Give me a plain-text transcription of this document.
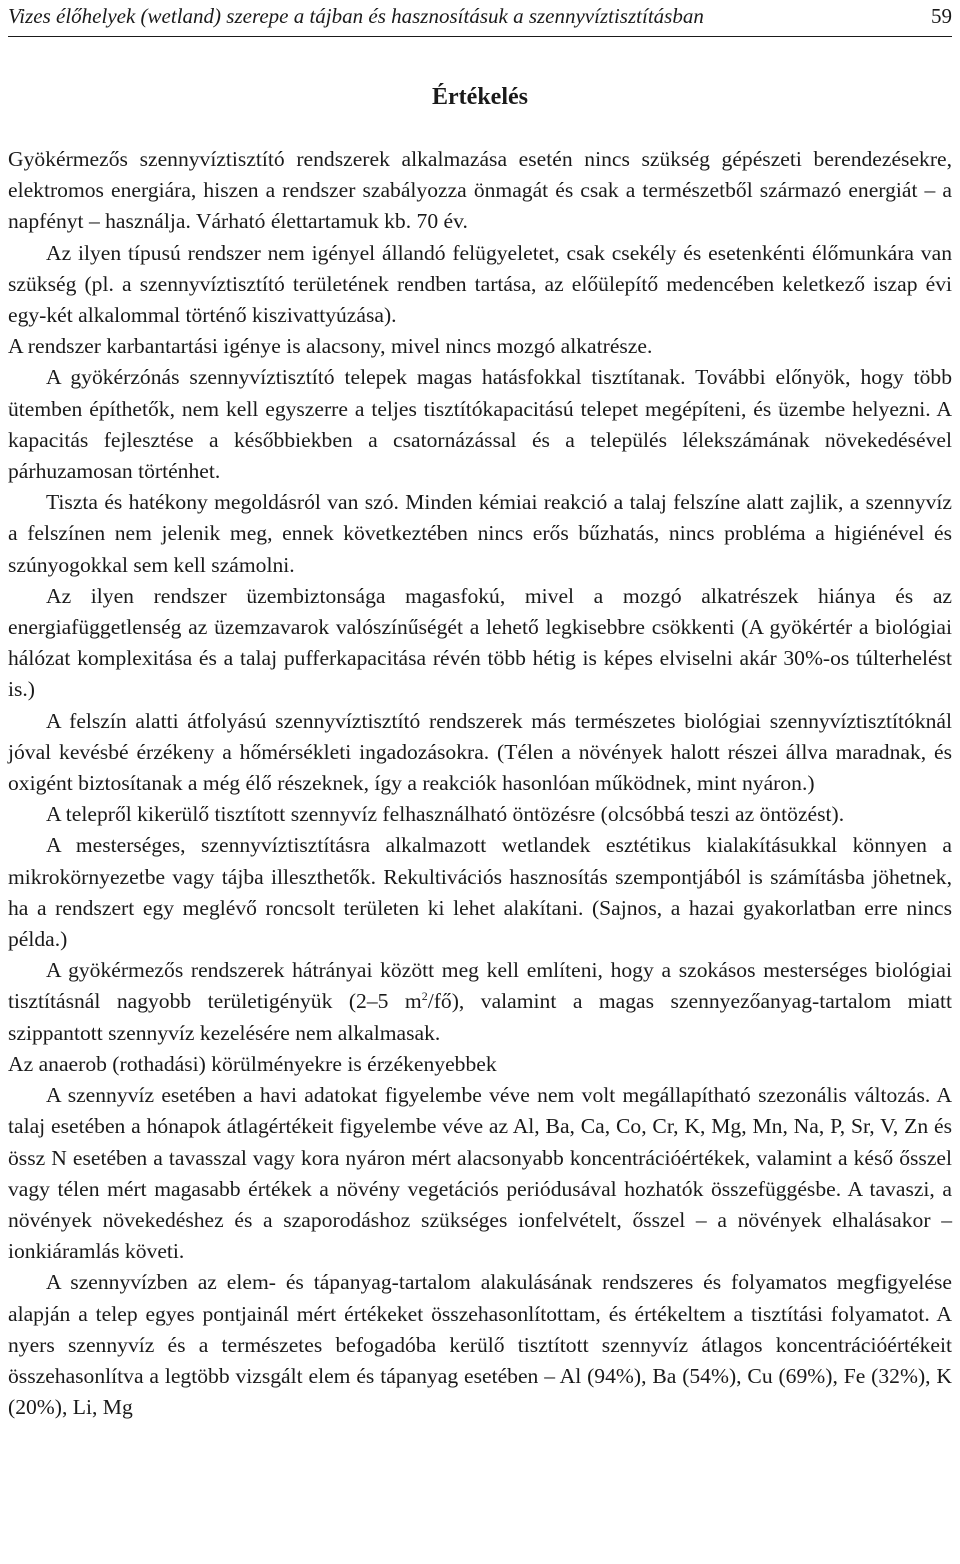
Vizes élőhelyek (wetland) szerepe a tájban és hasznosításuk a szennyvíztisztításban	59
Értékelés

Gyökérmezős szennyvíztisztító rendszerek alkalmazása esetén nincs szükség gépészeti berendezésekre, elektromos energiára, hiszen a rendszer szabályozza önmagát és csak a természetből származó energiát – a napfényt – használja. Várható élettartamuk kb. 70 év.

Az ilyen típusú rendszer nem igényel állandó felügyeletet, csak csekély és esetenkénti élőmunkára van szükség (pl. a szennyvíztisztító területének rendben tartása, az előülepítő medencében keletkező iszap évi egy-két alkalommal történő kiszivattyúzása).

A rendszer karbantartási igénye is alacsony, mivel nincs mozgó alkatrésze.

A gyökérzónás szennyvíztisztító telepek magas hatásfokkal tisztítanak. További előnyök, hogy több ütemben építhetők, nem kell egyszerre a teljes tisztítókapacitású telepet megépíteni, és üzembe helyezni. A kapacitás fejlesztése a későbbiekben a csatornázással és a település lélekszámának növekedésével párhuzamosan történhet.

Tiszta és hatékony megoldásról van szó. Minden kémiai reakció a talaj felszíne alatt zajlik, a szennyvíz a felszínen nem jelenik meg, ennek következtében nincs erős bűzhatás, nincs probléma a higiénével és szúnyogokkal sem kell számolni.

Az ilyen rendszer üzembiztonsága magasfokú, mivel a mozgó alkatrészek hiánya és az energiafüggetlenség az üzemzavarok valószínűségét a lehető legkisebbre csökkenti (A gyökértér a biológiai hálózat komplexitása és a talaj pufferkapacitása révén több hétig is képes elviselni akár 30%-os túlterhelést is.)

A felszín alatti átfolyású szennyvíztisztító rendszerek más természetes biológiai szennyvíztisztítóknál jóval kevésbé érzékeny a hőmérsékleti ingadozásokra. (Télen a növények halott részei állva maradnak, és oxigént biztosítanak a még élő részeknek, így a reakciók hasonlóan működnek, mint nyáron.)

A telepről kikerülő tisztított szennyvíz felhasználható öntözésre (olcsóbbá teszi az öntözést).

A mesterséges, szennyvíztisztításra alkalmazott wetlandek esztétikus kialakításukkal könnyen a mikrokörnyezetbe vagy tájba illeszthetők. Rekultivációs hasznosítás szempontjából is számításba jöhetnek, ha a rendszert egy meglévő roncsolt területen ki lehet alakítani. (Sajnos, a hazai gyakorlatban erre nincs példa.)

A gyökérmezős rendszerek hátrányai között meg kell említeni, hogy a szokásos mesterséges biológiai tisztításnál nagyobb területigényük (2–5 $m^2/fő$), valamint a magas szennyezőanyag-tartalom miatt szippantott szennyvíz kezelésére nem alkalmasak.

Az anaerob (rothadási) körülményekre is érzékenyebbek

A szennyvíz esetében a havi adatokat figyelembe véve nem volt megállapítható szezonális változás. A talaj esetében a hónapok átlagértékeit figyelembe véve az Al, Ba, Ca, Co, Cr, K, Mg, Mn, Na, P, Sr, V, Zn és össz N esetében a tavasszal vagy kora nyáron mért alacsonyabb koncentrációértékek, valamint a késő ősszel vagy télen mért magasabb értékek a növény vegetációs periódusával hozhatók összefüggésbe. A tavaszi, a növények növekedéshez és a szaporodáshoz szükséges ionfelvételt, ősszel – a növények elhalásakor – ionkiáramlás követi.

A szennyvízben az elem- és tápanyag-tartalom alakulásának rendszeres és folyamatos megfigyelése alapján a telep egyes pontjainál mért értékeket összehasonlítottam, és értékeltem a tisztítási folyamatot. A nyers szennyvíz és a természetes befogadóba kerülő tisztított szennyvíz átlagos koncentrációértékeit összehasonlítva a legtöbb vizsgált elem és tápanyag esetében – Al (94%), Ba (54%), Cu (69%), Fe (32%), K (20%), Li, Mg
